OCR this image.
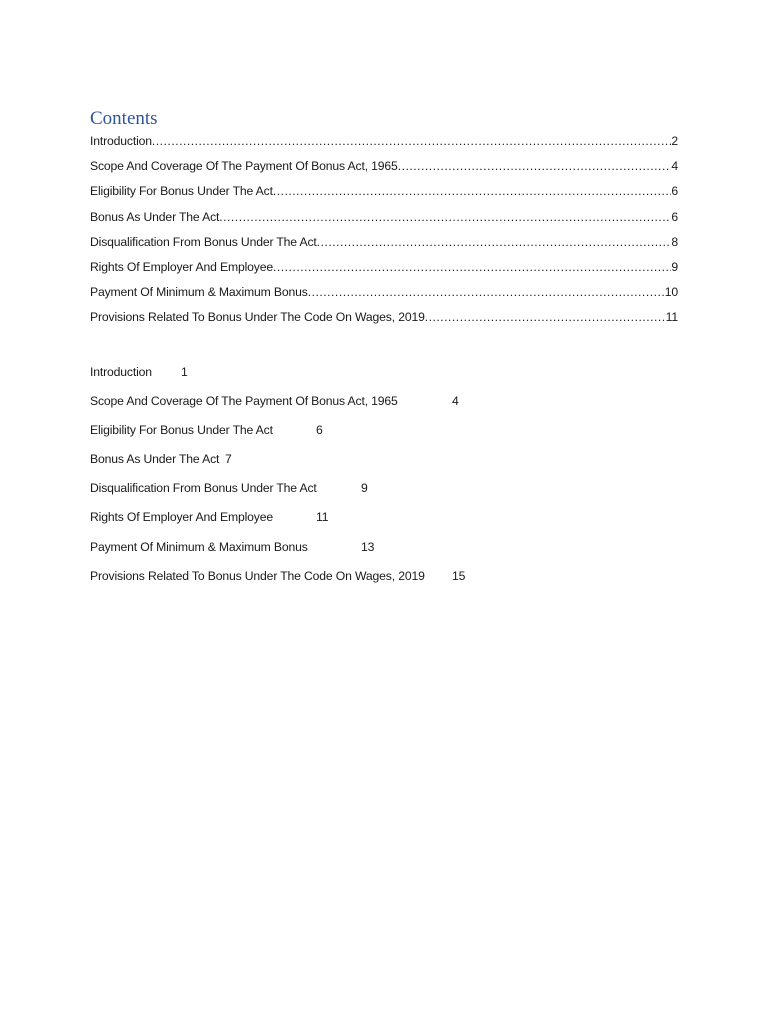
Contents
Introduction .....	2
Scope And Coverage Of The Payment Of Bonus Act, 1965 .....	4
Eligibility For Bonus Under The Act .....	6
Bonus As Under The Act .....	6
Disqualification From Bonus Under The Act .....	8
Rights Of Employer And Employee .....	9
Payment Of Minimum & Maximum Bonus .....	10
Provisions Related To Bonus Under The Code On Wages, 2019 .....	11
Introduction 1
Scope And Coverage Of The Payment Of Bonus Act, 1965	4
Eligibility For Bonus Under The Act	6
Bonus As Under The Act 7
Disqualification From Bonus Under The Act	9
Rights Of Employer And Employee	11
Payment Of Minimum & Maximum Bonus	13
Provisions Related To Bonus Under The Code On Wages, 2019 15
